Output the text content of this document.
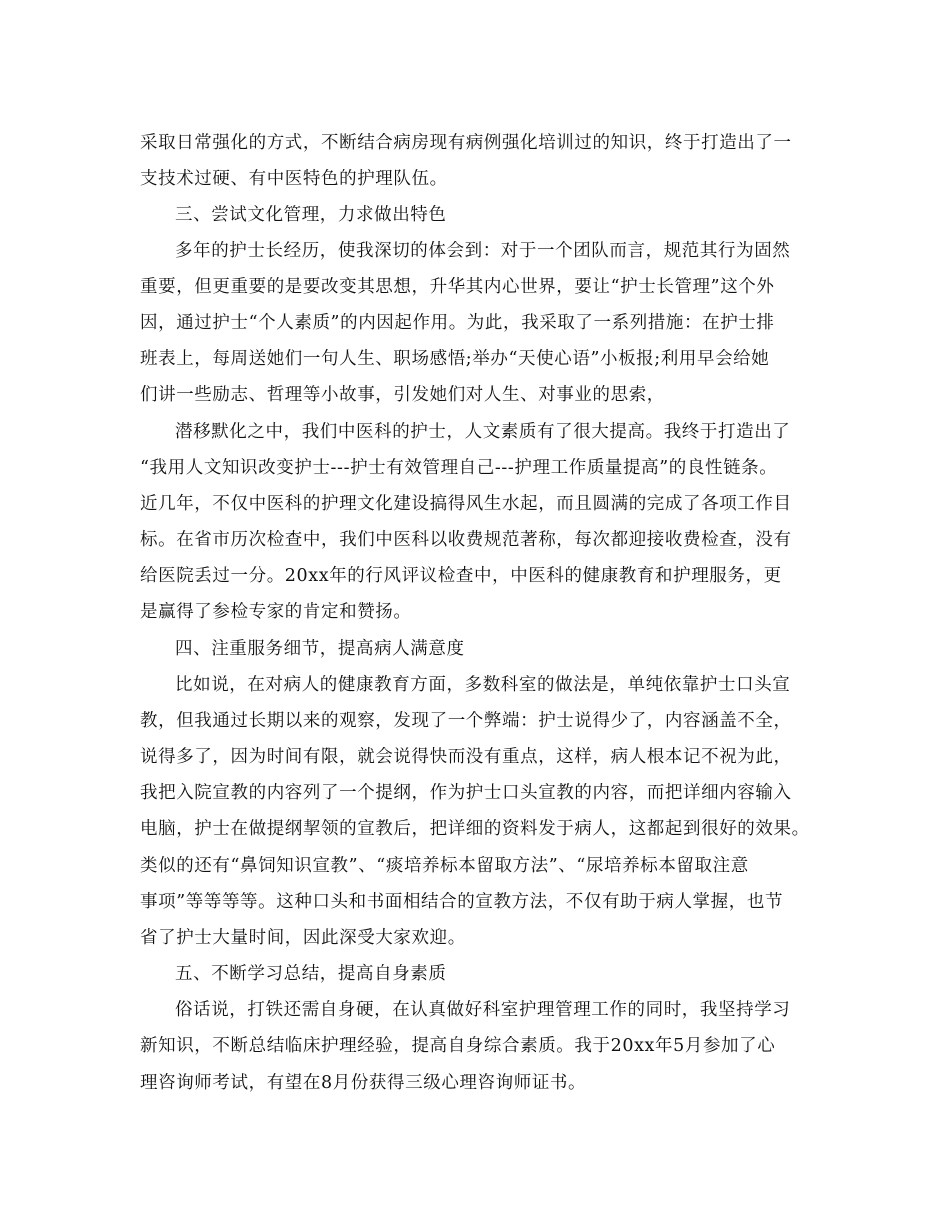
采取日常强化的方式，不断结合病房现有病例强化培训过的知识，终于打造出了一
支技术过硬、有中医特色的护理队伍。
三、尝试文化管理，力求做出特色
多年的护士长经历，使我深切的体会到：对于一个团队而言，规范其行为固然
重要，但更重要的是要改变其思想，升华其内心世界，要让“护士长管理”这个外
因，通过护士“个人素质”的内因起作用。为此，我采取了一系列措施：在护士排
班表上，每周送她们一句人生、职场感悟;举办“天使心语”小板报;利用早会给她
们讲一些励志、哲理等小故事，引发她们对人生、对事业的思索，
潜移默化之中，我们中医科的护士，人文素质有了很大提高。我终于打造出了
“我用人文知识改变护士---护士有效管理自己---护理工作质量提高”的良性链条。
近几年，不仅中医科的护理文化建设搞得风生水起，而且圆满的完成了各项工作目
标。在省市历次检查中，我们中医科以收费规范著称，每次都迎接收费检查，没有
给医院丢过一分。20xx年的行风评议检查中，中医科的健康教育和护理服务，更
是赢得了参检专家的肯定和赞扬。
四、注重服务细节，提高病人满意度
比如说，在对病人的健康教育方面，多数科室的做法是，单纯依靠护士口头宣
教，但我通过长期以来的观察，发现了一个弊端：护士说得少了，内容涵盖不全，
说得多了，因为时间有限，就会说得快而没有重点，这样，病人根本记不祝为此，
我把入院宣教的内容列了一个提纲，作为护士口头宣教的内容，而把详细内容输入
电脑，护士在做提纲挈领的宣教后，把详细的资料发于病人，这都起到很好的效果。
类似的还有“鼻饲知识宣教”、“痰培养标本留取方法”、“尿培养标本留取注意
事项”等等等等。这种口头和书面相结合的宣教方法，不仅有助于病人掌握，也节
省了护士大量时间，因此深受大家欢迎。
五、不断学习总结，提高自身素质
俗话说，打铁还需自身硬，在认真做好科室护理管理工作的同时，我坚持学习
新知识，不断总结临床护理经验，提高自身综合素质。我于20xx年5月参加了心
理咨询师考试，有望在8月份获得三级心理咨询师证书。
